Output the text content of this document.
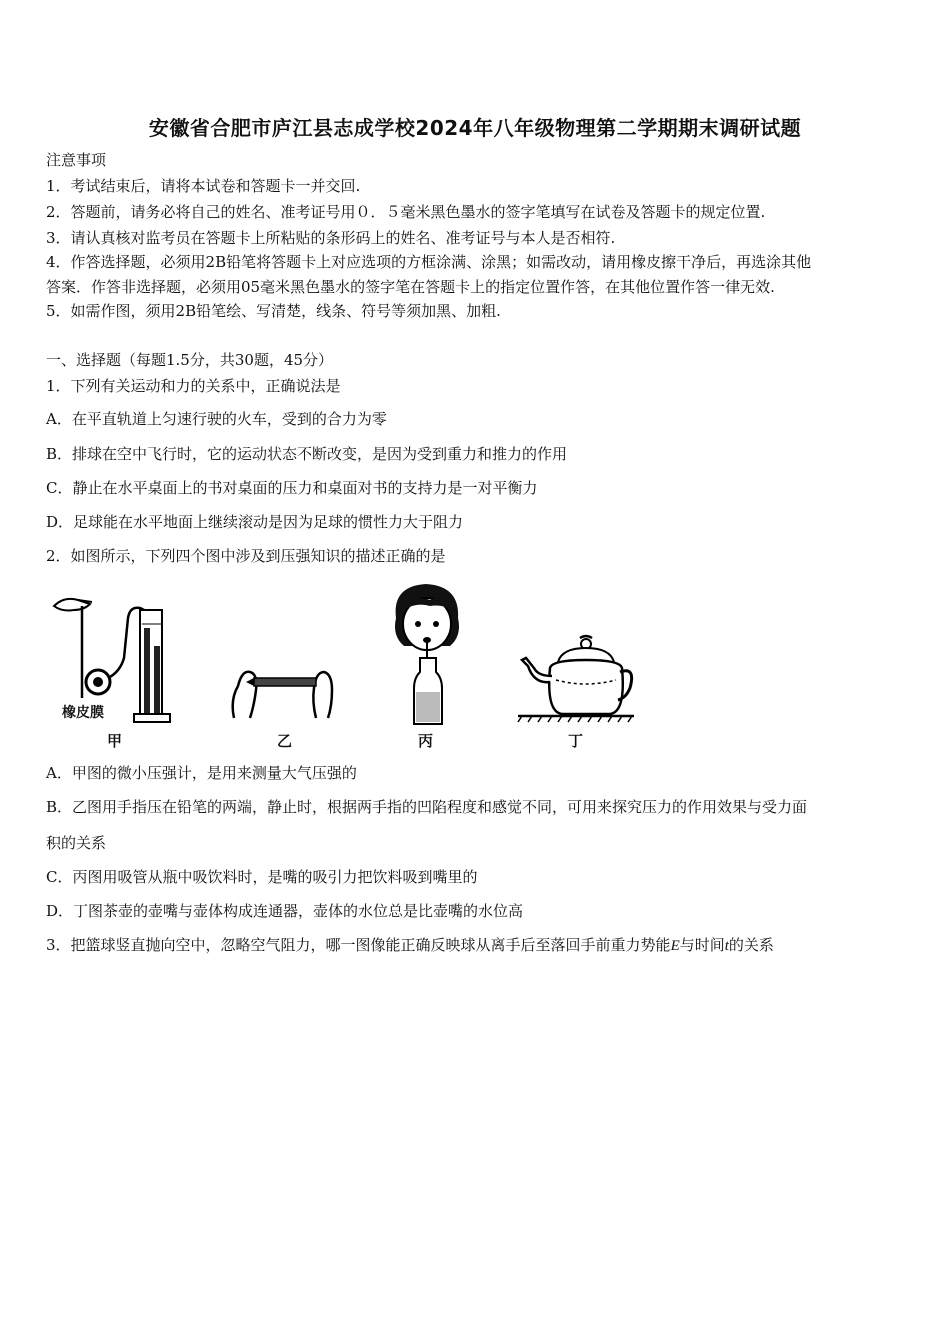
安徽省合肥市庐江县志成学校2024年八年级物理第二学期期末调研试题
注意事项
1．考试结束后，请将本试卷和答题卡一并交回.
2．答题前，请务必将自己的姓名、准考证号用０．５毫米黑色墨水的签字笔填写在试卷及答题卡的规定位置.
3．请认真核对监考员在答题卡上所粘贴的条形码上的姓名、准考证号与本人是否相符.
4．作答选择题，必须用2B铅笔将答题卡上对应选项的方框涂满、涂黑；如需改动，请用橡皮擦干净后，再选涂其他
答案．作答非选择题，必须用05毫米黑色墨水的签字笔在答题卡上的指定位置作答，在其他位置作答一律无效.
5．如需作图，须用2B铅笔绘、写清楚，线条、符号等须加黑、加粗.
一、选择题（每题1.5分，共30题，45分）
1．下列有关运动和力的关系中，正确说法是
A．在平直轨道上匀速行驶的火车，受到的合力为零
B．排球在空中飞行时，它的运动状态不断改变，是因为受到重力和推力的作用
C．静止在水平桌面上的书对桌面的压力和桌面对书的支持力是一对平衡力
D．足球能在水平地面上继续滚动是因为足球的惯性力大于阻力
2．如图所示，下列四个图中涉及到压强知识的描述正确的是
橡皮膜
甲	乙	丙	丁
A．甲图的微小压强计，是用来测量大气压强的
B．乙图用手指压在铅笔的两端，静止时，根据两手指的凹陷程度和感觉不同，可用来探究压力的作用效果与受力面
积的关系
C．丙图用吸管从瓶中吸饮料时，是嘴的吸引力把饮料吸到嘴里的
D．丁图茶壶的壶嘴与壶体构成连通器，壶体的水位总是比壶嘴的水位高
3．把篮球竖直抛向空中，忽略空气阻力，哪一图像能正确反映球从离手后至落回手前重力势能E与时间t的关系
